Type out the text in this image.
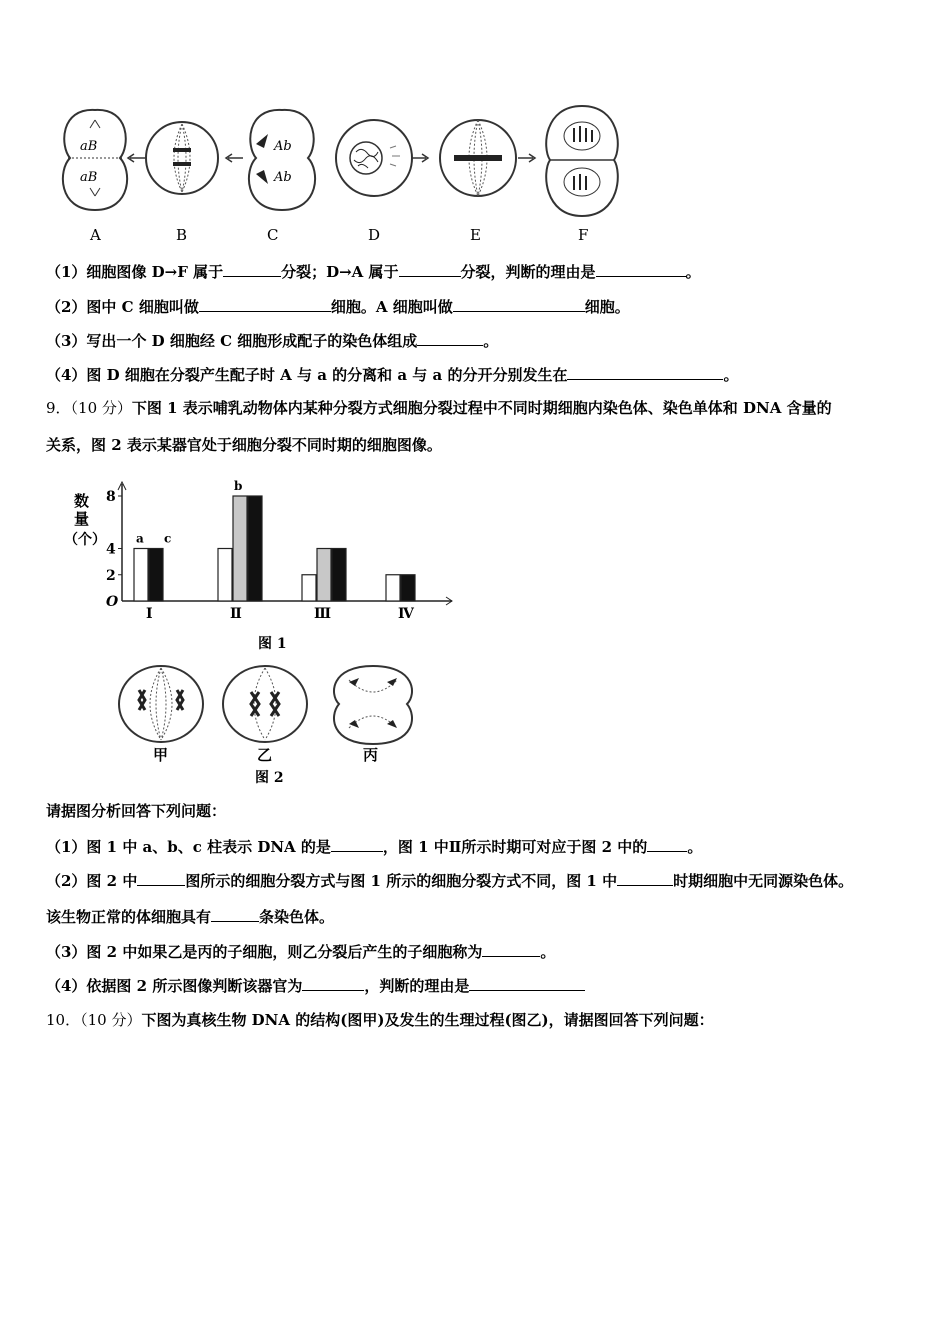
aB
aB
Ab
Ab
A	B	C	D	E	F
（1）细胞图像 D→F 属于	分裂；D→A 属于	分裂，判断的理由是	。
（2）图中 C 细胞叫做	细胞。A 细胞叫做	细胞。
（3）写出一个 D 细胞经 C 细胞形成配子的染色体组成	。
（4）图 D 细胞在分裂产生配子时 A 与 a 的分离和 a 与 a 的分开分别发生在	。
9．（10 分）下图 1 表示哺乳动物体内某种分裂方式细胞分裂过程中不同时期细胞内染色体、染色单体和 DNA 含量的
关系，图 2 表示某器官处于细胞分裂不同时期的细胞图像。
数
量
（个）
O
2
4
8
Ⅰ	Ⅱ	Ⅲ	Ⅳ
a c
b
图 1
甲	乙	丙
图 2
请据图分析回答下列问题：
（1）图 1 中 a、b、c 柱表示 DNA 的是	，图 1 中Ⅱ所示时期可对应于图 2 中的	。
（2）图 2 中	图所示的细胞分裂方式与图 1 所示的细胞分裂方式不同，图 1 中	时期细胞中无同源染色体。
该生物正常的体细胞具有	条染色体。
（3）图 2 中如果乙是丙的子细胞，则乙分裂后产生的子细胞称为	。
（4）依据图 2 所示图像判断该器官为	，判断的理由是
10．（10 分）下图为真核生物 DNA 的结构(图甲)及发生的生理过程(图乙)，请据图回答下列问题：
